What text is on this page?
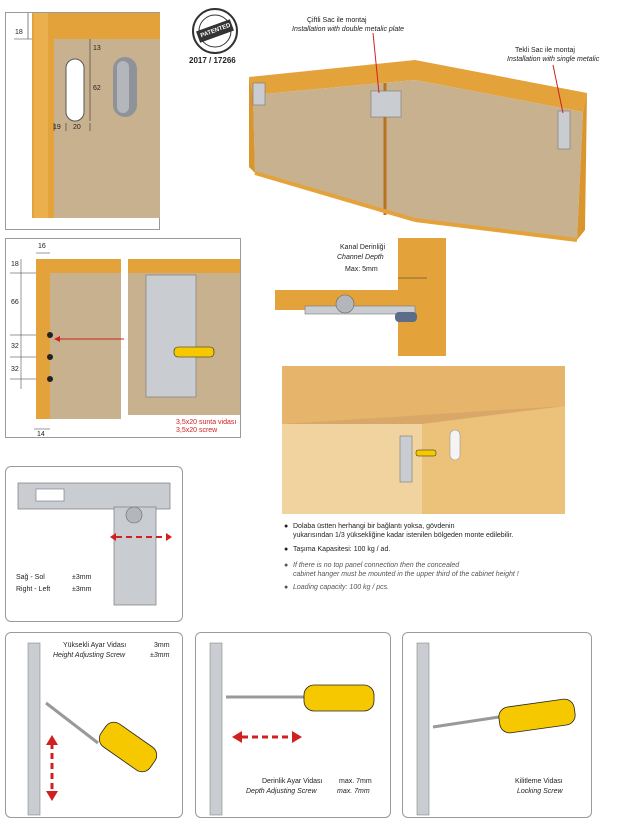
18
13
62
19 20
PATENTED
2017 / 17266
Çiftli Sac ile montaj
Installation with double metalic plate
Tekli Sac ile montaj
Installation with single metalic
16
18
66
32
32
14
3,5x20 sunta vidası
3,5x20 screw
Kanal Derinliği
Channel Depth
Max: 5mm
Sağ - Sol	±3mm
Right - Left	±3mm
● Dolaba üstten herhangi bir bağlantı yoksa, gövdenin
yukarısından 1/3 yüksekliğine kadar istenilen bölgeden monte edilebilir.
● Taşıma Kapasitesi: 100 kg / ad.
● If there is no top panel connection then the concealed
cabinet hanger must be mounted in the upper third of the cabinet height !
● Loading capacity: 100 kg / pcs.
Yüksekli Ayar Vidası	3mm
Height Adjusting Screw	±3mm
Derinlik Ayar Vidası max. 7mm
Depth Adjusting Screw	max. 7mm
Kilitleme Vidası
Locking Screw
